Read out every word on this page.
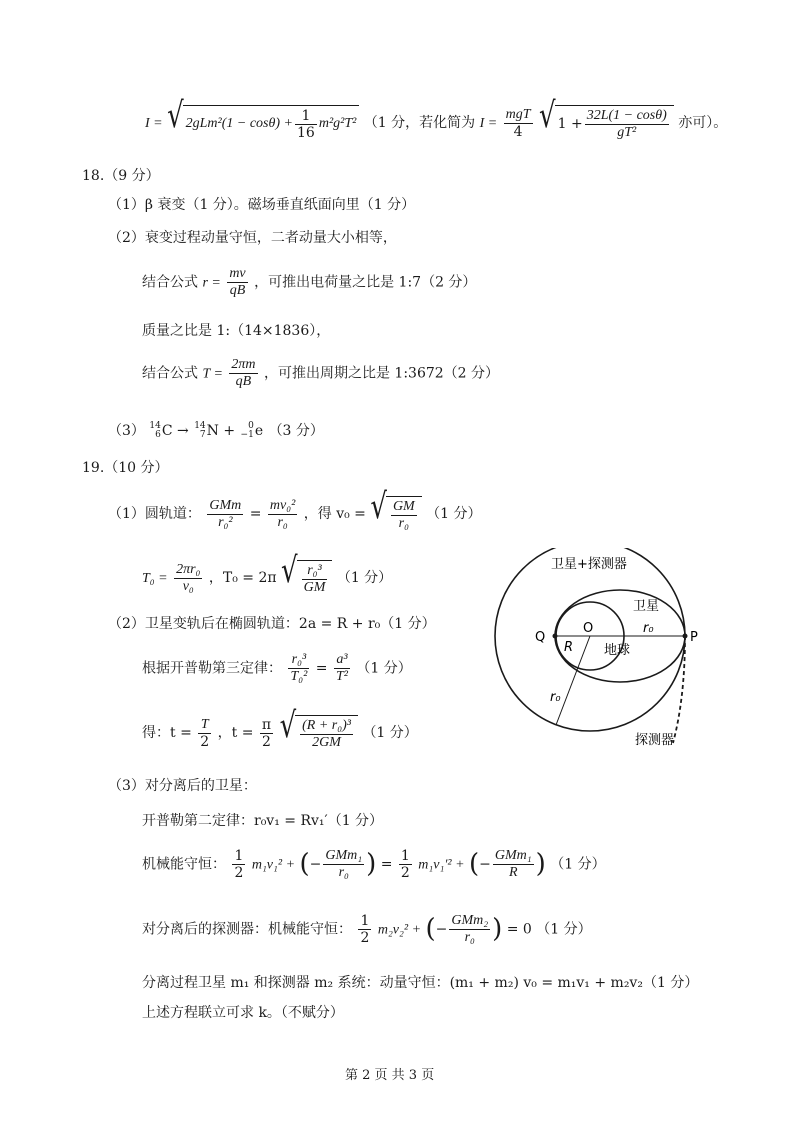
I = √ $2gLm^2(1 - \cos\theta) + \frac{1}{16} m^2g^2T^2$ （1 分，若化简为 $I = \frac{\text{mgT}}{4}$
√ $1 + \frac{32L(1 - \cos\theta)}{\text{gT²}}$ 亦可）。
18.（9 分）
（1）β 衰变（1 分）。磁场垂直纸面向里（1 分）
（2）衰变过程动量守恒，二者动量大小相等，
结合公式 $r = \frac{mv}{qB}$ ，可推出电荷量之比是 1:7（2 分）
质量之比是 1:（14×1836），
结合公式 $T = \frac{2\pi m}{qB}$ ，可推出周期之比是 1:3672（2 分）
（3） 14
6 C → 14
7 N +	0
−1 e （3 分）
19.（10 分）
（1）圆轨道： $\frac{\text{GMm}}{\text{r₀²}} = \frac{\text{mv₀²}}{\text{r₀}}$ ，得 v₀ = √ $\frac{GM}{\text{r₀}} (1$ 分）
$T_0 = \frac{\text{2πr₀}}{\text{v₀}}$ ，T₀ = 2π √ $\frac{\text{r₀³}}{GM} (1$ 分）
（2）卫星变轨后在椭圆轨道：2a = R + r₀（1 分）
根据开普勒第三定律： $\frac{\text{r₀³}}{\text{T₀²}} = \frac{\text{a³}}{\text{T²}} (1$ 分）
得：$t = \frac{T}{2}$ ，$t = \frac{\pi}{2}$
√ $\frac{\text{(R + r₀)³}}{2GM} (1$ 分）
（3）对分离后的卫星：
开普勒第二定律：r₀v₁ = Rv₁′（1 分）
机械能守恒： $\frac{1}{2} m_1v_1^2$ + (− $\frac{\text{GMm₁}}{\text{r₀}}$ ) = $\frac{1}{2} m_1v_1'^2$ + (− $\frac{\text{GMm₁}}{R}$ ) （1 分）
对分离后的探测器：机械能守恒： $\frac{1}{2} m_2v_2^2$ + (− $\frac{\text{GMm₂}}{\text{r₀}}$ ) = 0 （1 分）
分离过程卫星 m₁ 和探测器 m₂ 系统：动量守恒：(m₁ + m₂) v₀ = m₁v₁ + m₂v₂（1 分）
上述方程联立可求 k。（不赋分）
卫星+探测器
卫星
地球
Q
O
P
R
r₀
r₀
探测器
第 2 页 共 3 页
